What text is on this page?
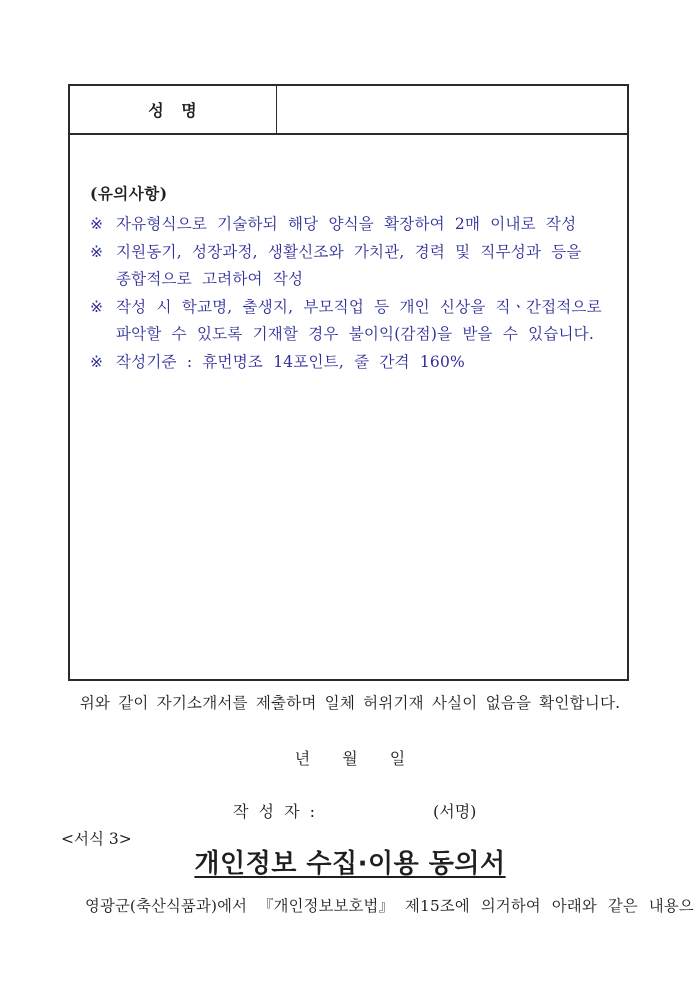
성 명
(유의사항)
※ 자유형식으로 기술하되 해당 양식을 확장하여 2매 이내로 작성
※ 지원동기, 성장과정, 생활신조와 가치관, 경력 및 직무성과 등을
종합적으로 고려하여 작성
※ 작성 시 학교명, 출생지, 부모직업 등 개인 신상을 직ㆍ간접적으로
파악할 수 있도록 기재할 경우 불이익(감점)을 받을 수 있습니다.
※ 작성기준 : 휴먼명조 14포인트, 줄 간격 160%
위와 같이 자기소개서를 제출하며 일체 허위기재 사실이 없음을 확인합니다.
년 월 일
작 성 자 :	(서명)
<서식 3>
개인정보 수집·이용 동의서
영광군(축산식품과)에서 『개인정보보호법』 제15조에 의거하여 아래와 같은 내용으
